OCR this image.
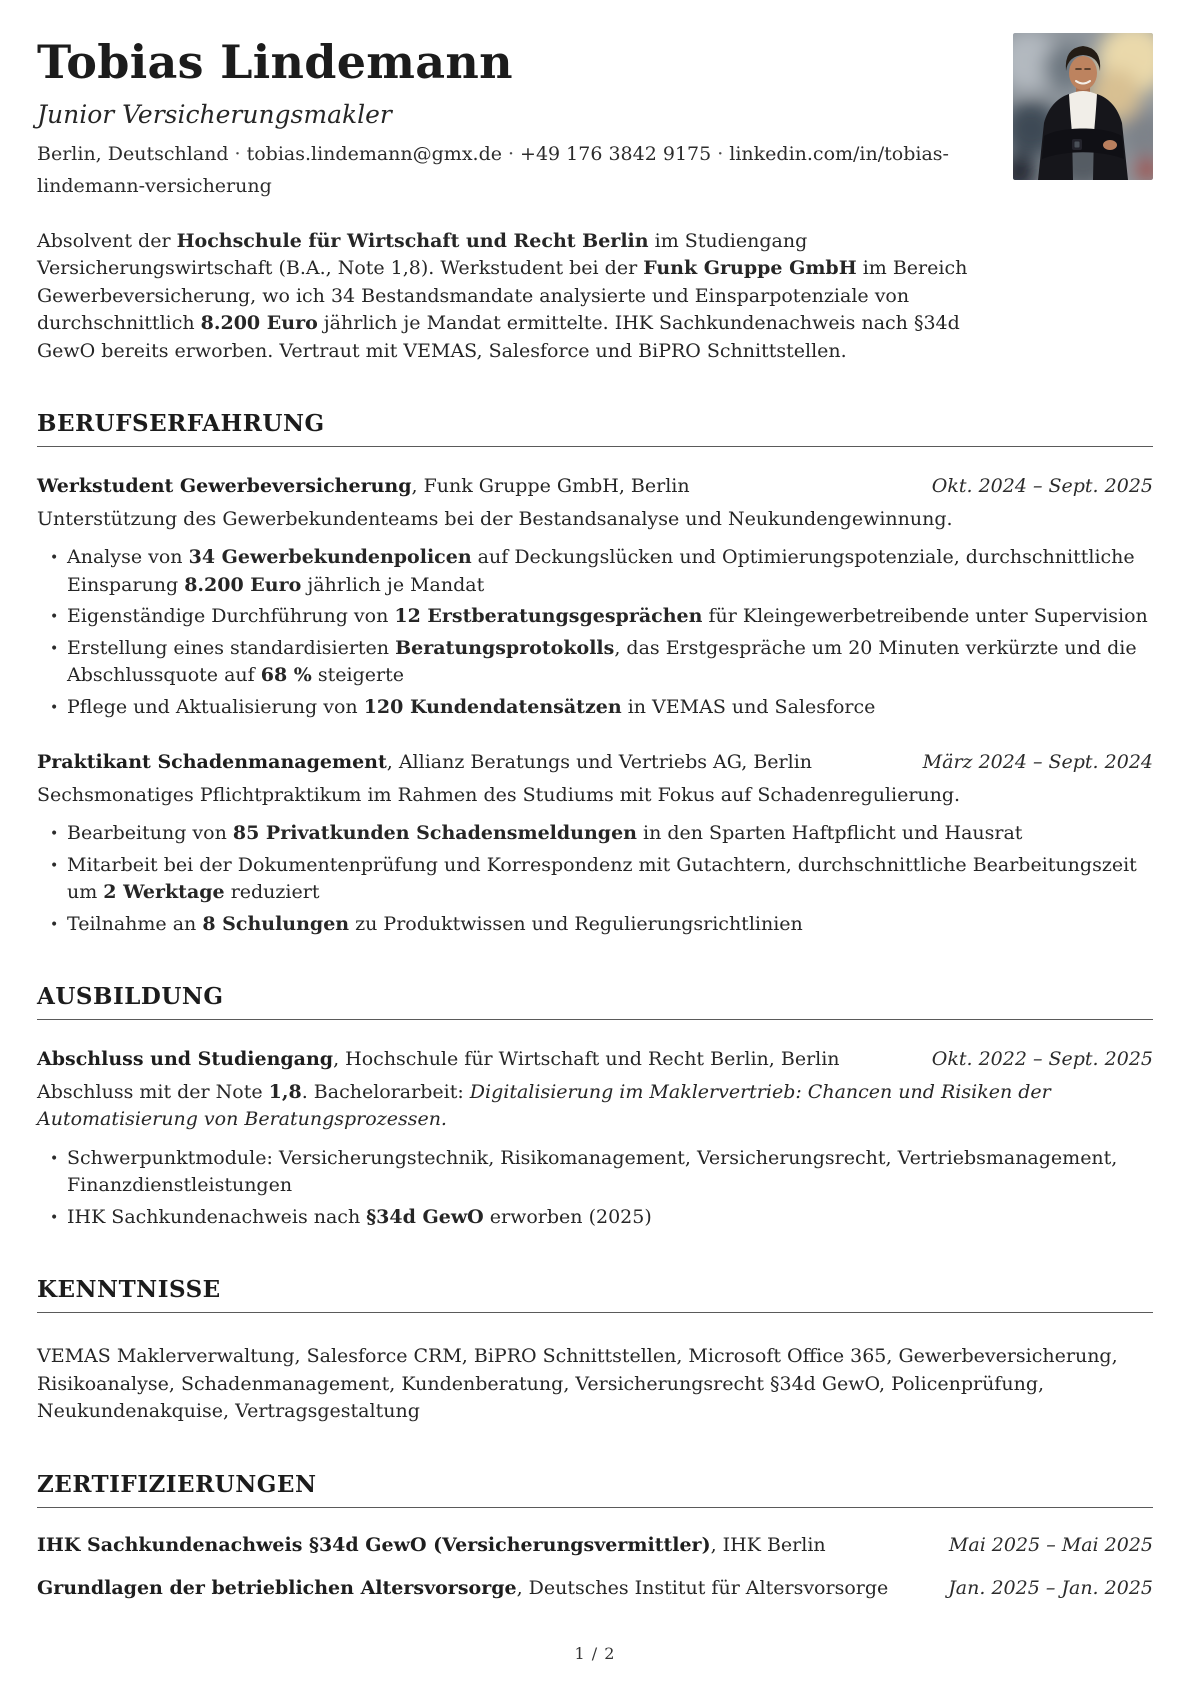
Tobias Lindemann
Junior Versicherungsmakler

Berlin, Deutschland · tobias.lindemann@gmx.de · +49 176 3842 9175 · linkedin.com/in/tobias-lindemann-versicherung

Absolvent der Hochschule für Wirtschaft und Recht Berlin im Studiengang Versicherungswirtschaft (B.A., Note 1,8). Werkstudent bei der Funk Gruppe GmbH im Bereich Gewerbeversicherung, wo ich 34 Bestandsmandate analysierte und Einsparpotenziale von durchschnittlich 8.200 Euro jährlich je Mandat ermittelte. IHK Sachkundenachweis nach §34d GewO bereits erworben. Vertraut mit VEMAS, Salesforce und BiPRO Schnittstellen.

BERUFSERFAHRUNG

Werkstudent Gewerbeversicherung, Funk Gruppe GmbH, Berlin	Okt. 2024 – Sept. 2025

Unterstützung des Gewerbekundenteams bei der Bestandsanalyse und Neukundengewinnung.

• Analyse von 34 Gewerbekundenpolicen auf Deckungslücken und Optimierungspotenziale, durchschnittliche Einsparung 8.200 Euro jährlich je Mandat
• Eigenständige Durchführung von 12 Erstberatungsgesprächen für Kleingewerbetreibende unter Supervision
• Erstellung eines standardisierten Beratungsprotokolls, das Erstgespräche um 20 Minuten verkürzte und die Abschlussquote auf 68 % steigerte
• Pflege und Aktualisierung von 120 Kundendatensätzen in VEMAS und Salesforce

Praktikant Schadenmanagement, Allianz Beratungs und Vertriebs AG, Berlin	März 2024 – Sept. 2024

Sechsmonatiges Pflichtpraktikum im Rahmen des Studiums mit Fokus auf Schadenregulierung.

• Bearbeitung von 85 Privatkunden Schadensmeldungen in den Sparten Haftpflicht und Hausrat
• Mitarbeit bei der Dokumentenprüfung und Korrespondenz mit Gutachtern, durchschnittliche Bearbeitungszeit um 2 Werktage reduziert
• Teilnahme an 8 Schulungen zu Produktwissen und Regulierungsrichtlinien
AUSBILDUNG

Abschluss und Studiengang, Hochschule für Wirtschaft und Recht Berlin, Berlin	Okt. 2022 – Sept. 2025

Abschluss mit der Note 1,8. Bachelorarbeit: Digitalisierung im Maklervertrieb: Chancen und Risiken der Automatisierung von Beratungsprozessen.

• Schwerpunktmodule: Versicherungstechnik, Risikomanagement, Versicherungsrecht, Vertriebsmanagement, Finanzdienstleistungen
• IHK Sachkundenachweis nach §34d GewO erworben (2025)
KENNTNISSE

VEMAS Maklerverwaltung, Salesforce CRM, BiPRO Schnittstellen, Microsoft Office 365, Gewerbeversicherung, Risikoanalyse, Schadenmanagement, Kundenberatung, Versicherungsrecht §34d GewO, Policenprüfung, Neukundenakquise, Vertragsgestaltung

ZERTIFIZIERUNGEN

IHK Sachkundenachweis §34d GewO (Versicherungsvermittler), IHK Berlin	Mai 2025 – Mai 2025

Grundlagen der betrieblichen Altersvorsorge, Deutsches Institut für Altersvorsorge	Jan. 2025 – Jan. 2025

1 / 2
